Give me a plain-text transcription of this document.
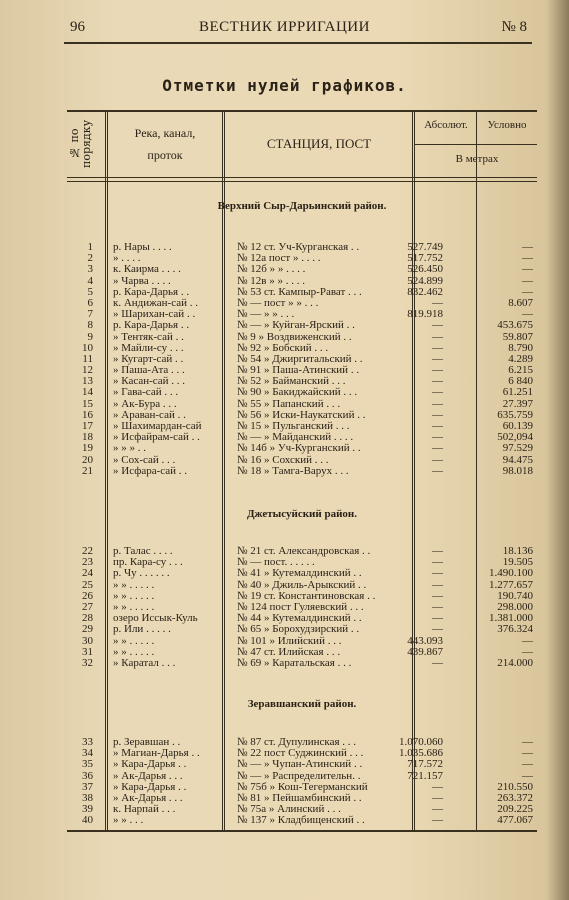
96	ВЕСТНИК ИРРИГАЦИИ	№ 8
Отметки нулей графиков.
№ по порядку	Река, канал,
проток
СТАНЦИЯ, ПОСТ
Абсолют.	Условно
В метрах
Верхний Сыр-Дарьинский район.
1 р. Нары . . . .	№ 12 ст. Уч-Курганская . .	527.749	—
2 » . . . .	№ 12а пост » . . . .	517.752	—
3 к. Каирма . . . .	№ 12б » » . . . .	526.450	—
4 » Чарва . . . .	№ 12в » » . . . .	524.899	—
5 р. Кара-Дарья . .	№ 53 ст. Кампыр-Рават . . .	832.462	—
6 к. Андижан-сай . .	№ — пост » » . . .	—	8.607
7 » Шарихан-сай . .	№ — » » . . .	819.918	—
8 р. Кара-Дарья . .	№ — » Куйган-Ярский . .	—	453.675
9 » Тентяк-сай . .	№ 9 » Воздвиженский . .	—	59.807
10 » Майли-су . . .	№ 92 » Бобский . . .	—	8.790
11 » Кугарт-сай . .	№ 54 » Джиргитальский . .	—	4.289
12 » Паша-Ата . . .	№ 91 » Паша-Атинский . .	—	6.215
13 » Касан-сай . . .	№ 52 » Байманский . . .	—	6 840
14 » Гава-сай . . .	№ 90 » Бакиджайский . . .	—	61.251
15 » Ак-Бура . . .	№ 55 » Папанский . . .	—	27.397
16 » Араван-сай . .	№ 56 » Иски-Наукатский . .	—	635.759
17 » Шахимардан-сай	№ 15 » Пульганский . . .	—	60.139
18 » Исфайрам-сай . .	№ — » Майданский . . . .	—	502,094
19 » » » . .	№ 14б » Уч-Курганский . .	—	97.529
20 » Сох-сай . . .	№ 16 » Сохский . . .	—	94.475
21 » Исфара-сай . .	№ 18 » Тамга-Варух . . .	—	98.018
Джетысуйский район.
22 р. Талас . . . .	№ 21 ст. Александровская . .	—	18.136
23 пр. Кара-су . . .	№ — пост. . . . . .	—	19.505
24 р. Чу . . . . . .	№ 41 » Кутемалдинский . .	—	1.490.100
25 » » . . . . .	№ 40 » Джиль-Арыкский . .	—	1.277.657
26 » » . . . . .	№ 19 ст. Константиновская . .	—	190.740
27 » » . . . . .	№ 124 пост Гуляевский . . .	—	298.000
28 озеро Иссык-Куль	№ 44 » Кутемалдинский . .	—	1.381.000
29 р. Или . . . . .	№ 65 » Борохудзирский . .	—	376.324
30 » » . . . . .	№ 101 » Илийский . . .	443.093	—
31 » » . . . . .	№ 47 ст. Илийская . . .	439.867	—
32 » Каратал . . .	№ 69 » Каратальская . . .	—	214.000
Зеравшанский район.
33 р. Зеравшан . .	№ 87 ст. Дупулинская . . .	1.070.060	—
34 » Магиан-Дарья . .	№ 22 пост Суджинский . . .	1.035.686	—
35 » Кара-Дарья . .	№ — » Чупан-Атинский . .	717.572	—
36 » Ак-Дарья . . .	№ — » Распределительн. .	721.157	—
37 » Кара-Дарья . .	№ 75б » Кош-Тегерманский	—	210.550
38 » Ак-Дарья . . .	№ 81 » Пейшамбинский . .	—	263.372
39 к. Нарпай . . .	№ 75а » Алинский . . .	—	209.225
40 » » . . .	№ 137 » Кладбищенский . .	—	477.067
